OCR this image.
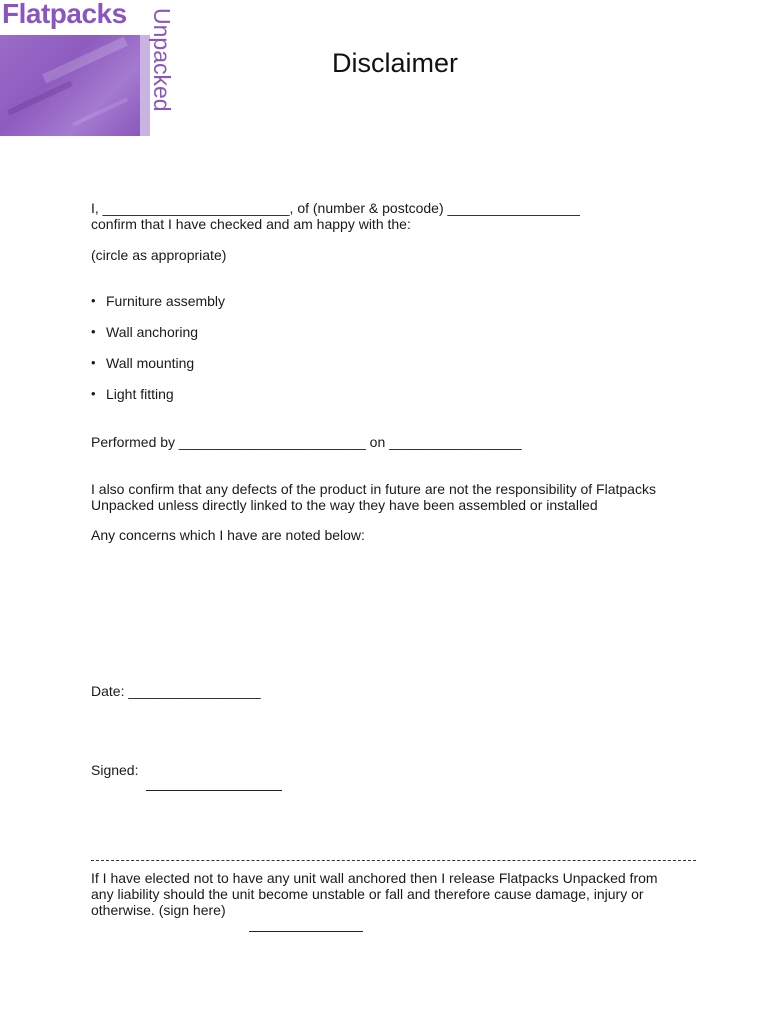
Flatpacks Unpacked	Disclaimer
I, ________________________, of (number & postcode) _________________
confirm that I have checked and am happy with the:
(circle as appropriate)
• Furniture assembly
• Wall anchoring
• Wall mounting
• Light fitting
Performed by ________________________ on _________________
I also confirm that any defects of the product in future are not the responsibility of Flatpacks
Unpacked unless directly linked to the way they have been assembled or installed
Any concerns which I have are noted below:
Date: _________________
Signed:
If I have elected not to have any unit wall anchored then I release Flatpacks Unpacked from
any liability should the unit become unstable or fall and therefore cause damage, injury or
otherwise. (sign here)
